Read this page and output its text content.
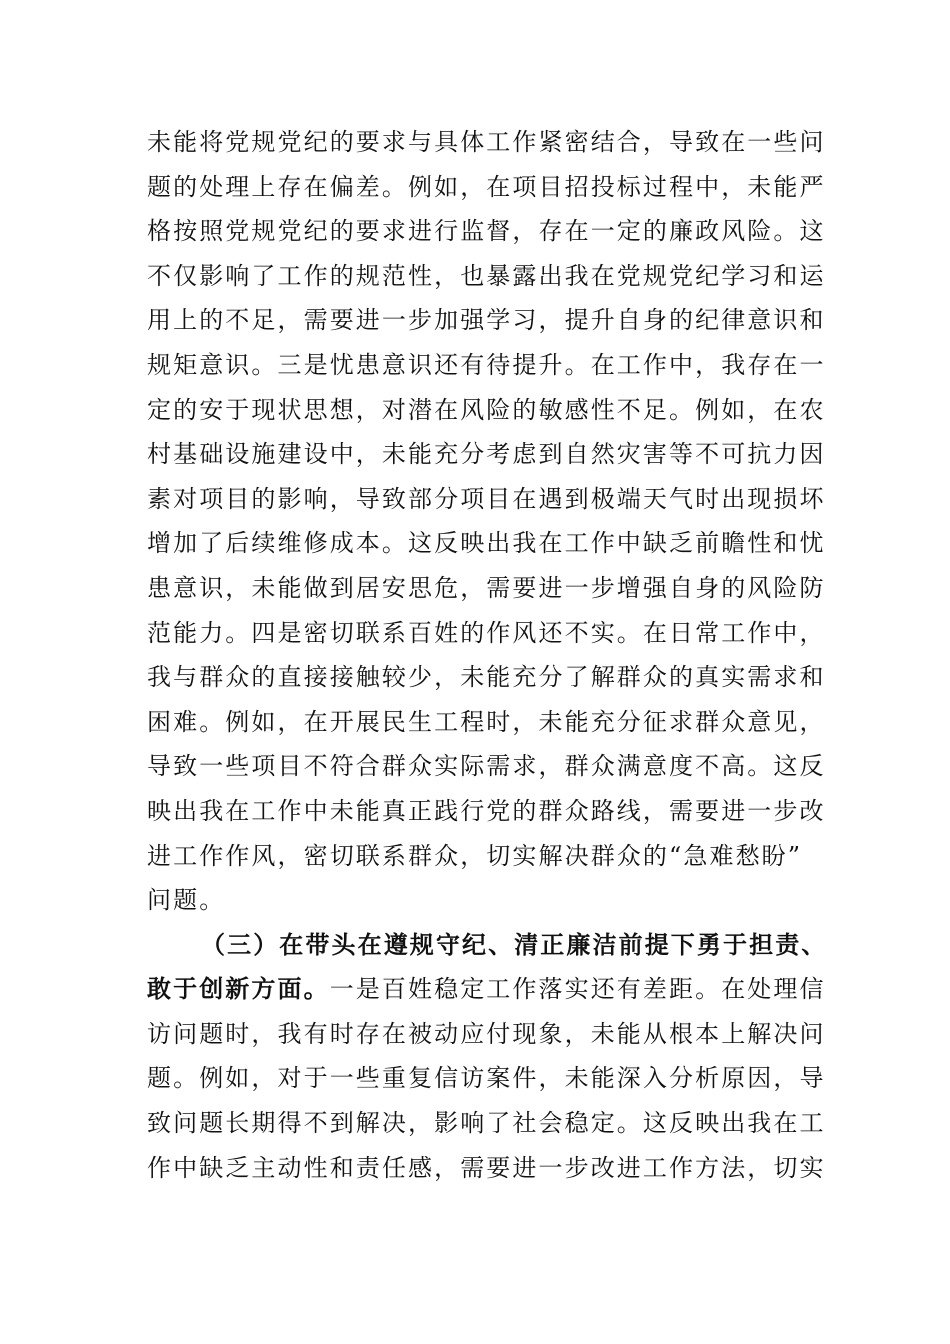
未能将党规党纪的要求与具体工作紧密结合，导致在一些问
题的处理上存在偏差。例如，在项目招投标过程中，未能严
格按照党规党纪的要求进行监督，存在一定的廉政风险。这
不仅影响了工作的规范性，也暴露出我在党规党纪学习和运
用上的不足，需要进一步加强学习，提升自身的纪律意识和
规矩意识。三是忧患意识还有待提升。在工作中，我存在一
定的安于现状思想，对潜在风险的敏感性不足。例如，在农
村基础设施建设中，未能充分考虑到自然灾害等不可抗力因
素对项目的影响，导致部分项目在遇到极端天气时出现损坏
增加了后续维修成本。这反映出我在工作中缺乏前瞻性和忧
患意识，未能做到居安思危，需要进一步增强自身的风险防
范能力。四是密切联系百姓的作风还不实。在日常工作中，
我与群众的直接接触较少，未能充分了解群众的真实需求和
困难。例如，在开展民生工程时，未能充分征求群众意见，
导致一些项目不符合群众实际需求，群众满意度不高。这反
映出我在工作中未能真正践行党的群众路线，需要进一步改
进工作作风，密切联系群众，切实解决群众的“急难愁盼”
问题。
（三）在带头在遵规守纪、清正廉洁前提下勇于担责、
敢于创新方面。一是百姓稳定工作落实还有差距。在处理信
访问题时，我有时存在被动应付现象，未能从根本上解决问
题。例如，对于一些重复信访案件，未能深入分析原因，导
致问题长期得不到解决，影响了社会稳定。这反映出我在工
作中缺乏主动性和责任感，需要进一步改进工作方法，切实
